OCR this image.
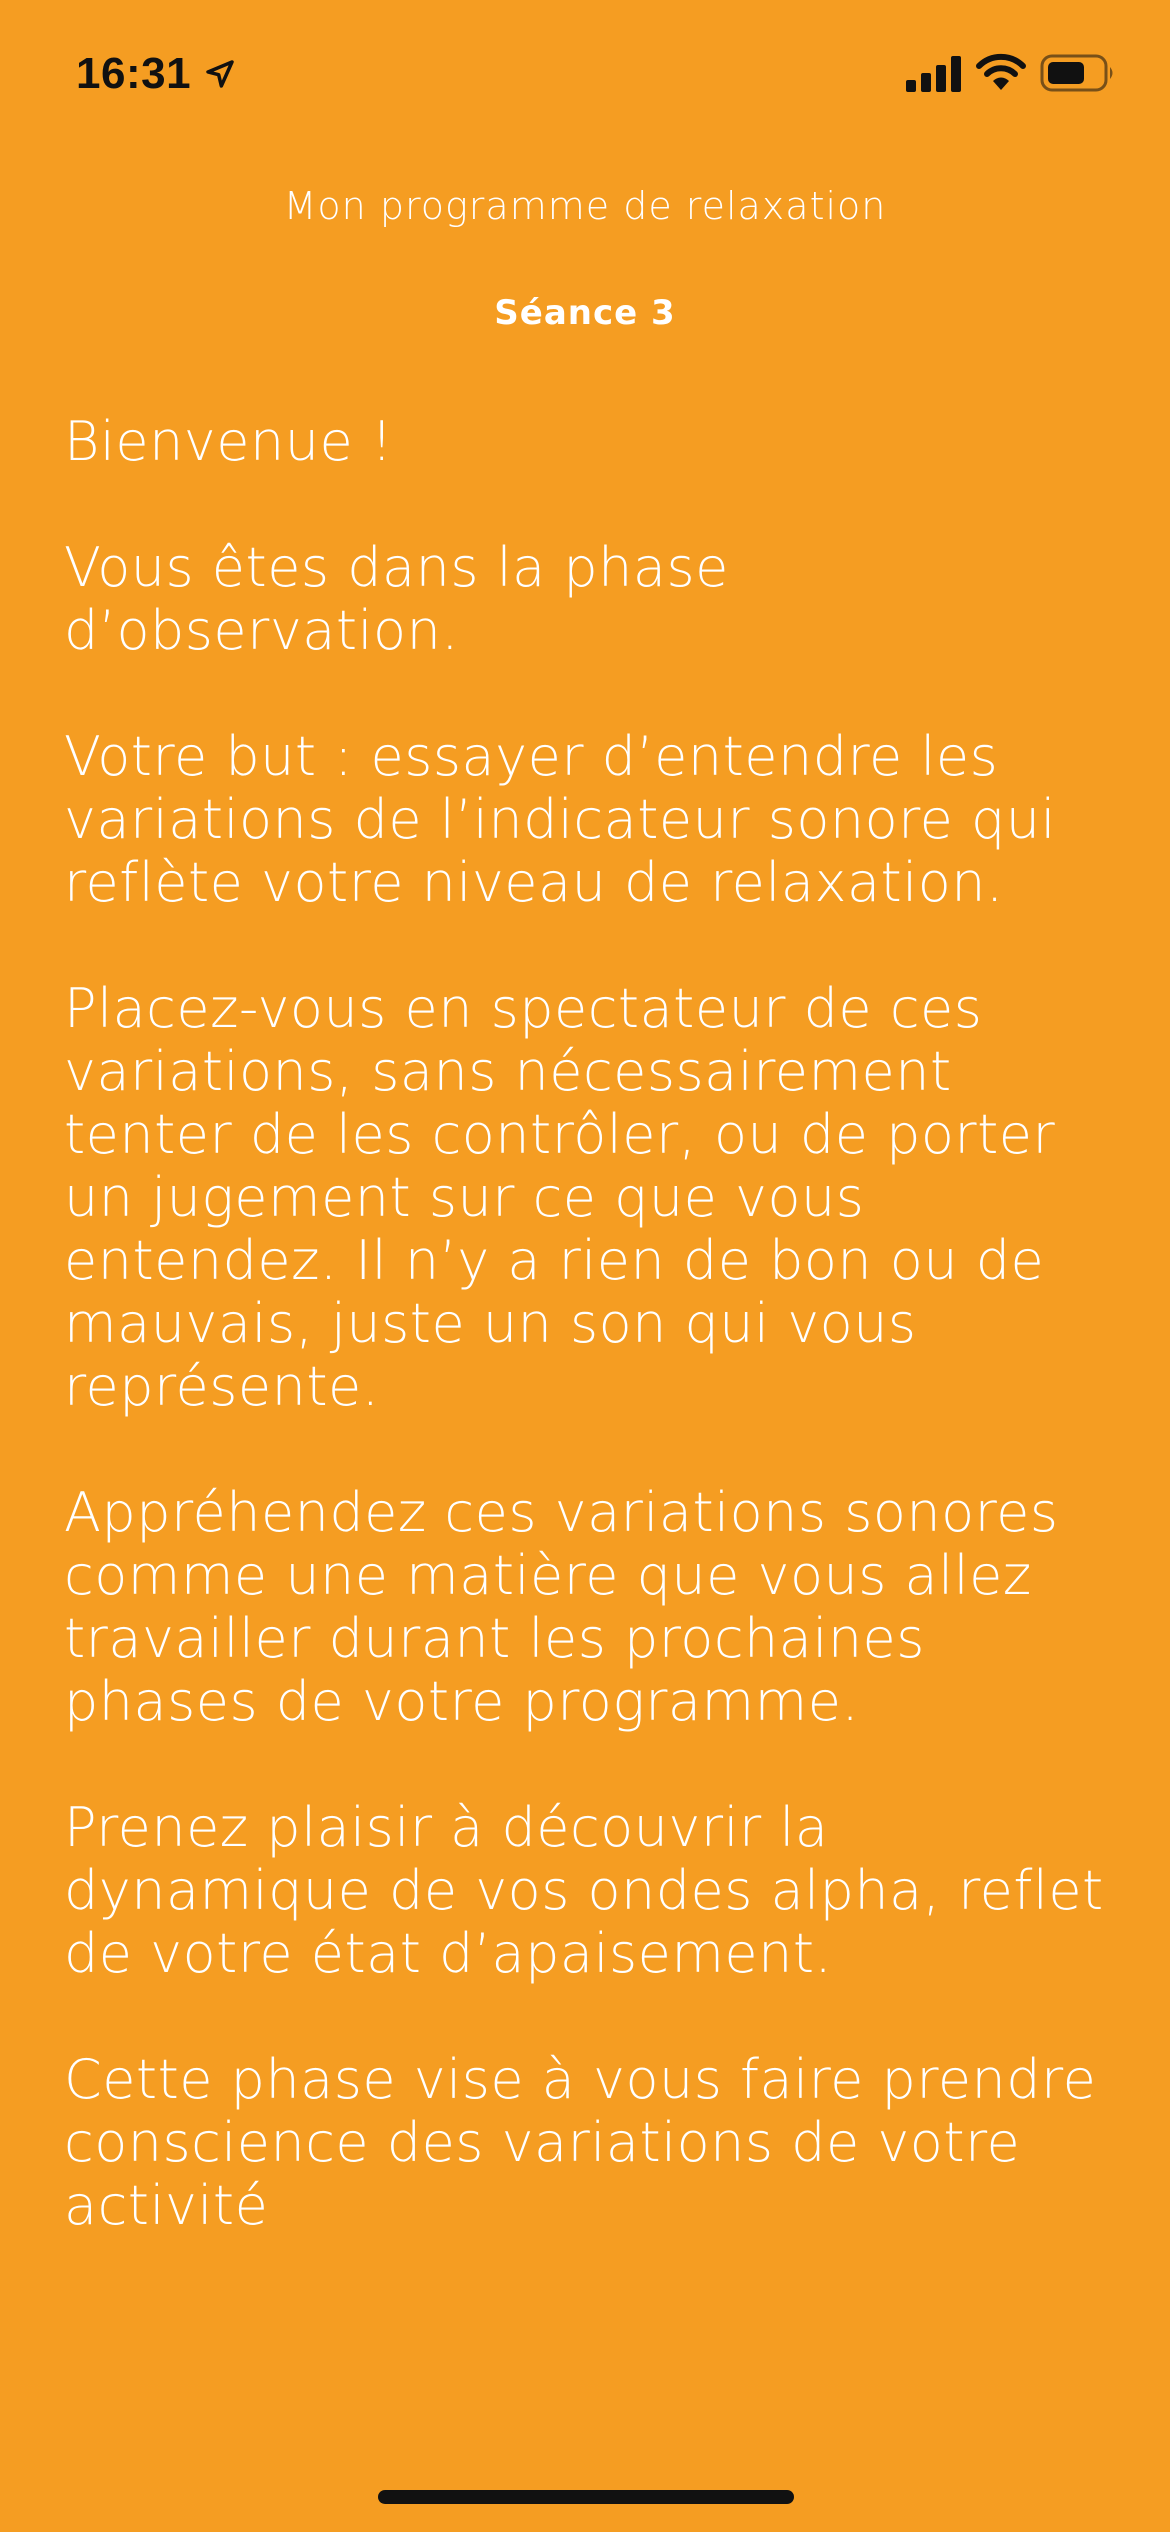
16:31
Mon programme de relaxation
Séance 3

Bienvenue !

Vous êtes dans la phase d’observation.

Votre but : essayer d’entendre les variations de l’indicateur sonore qui reflète votre niveau de relaxation.

Placez-vous en spectateur de ces variations, sans nécessairement tenter de les contrôler, ou de porter un jugement sur ce que vous entendez. Il n’y a rien de bon ou de mauvais, juste un son qui vous représente.

Appréhendez ces variations sonores comme une matière que vous allez travailler durant les prochaines phases de votre programme.

Prenez plaisir à découvrir la dynamique de vos ondes alpha, reflet de votre état d’apaisement.

Cette phase vise à vous faire prendre conscience des variations de votre activité
